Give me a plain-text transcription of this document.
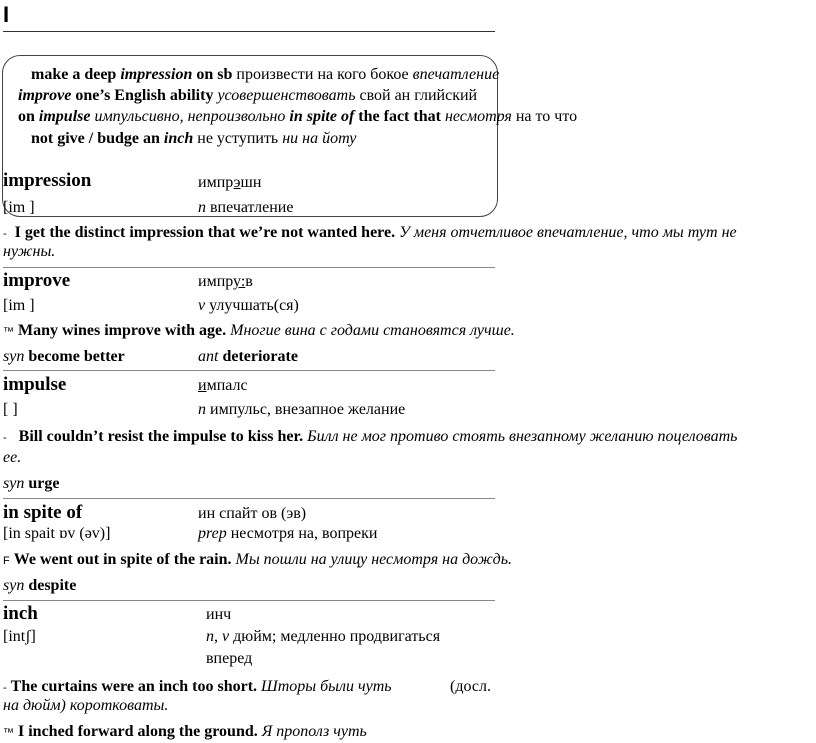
I
make a deep impression on sb произвести на кого бокое впечатление
improve one’s English ability усовершенствовать свой ан глийский
on impulse импульсивно, непроизвольно in spite of the fact that несмотря на то что
not give / budge an inch не уступить ни на йоту
impression	импрэшн
[im ]	n впечатление
- I get the distinct impression that we’re not wanted here. У меня отчетливое впечатление, что мы тут не
нужны.
improve	импру:в
[im ]	v улучшать(ся)
™ Many wines improve with age. Многие вина с годами становятся лучше.
syn become better	ant deteriorate
impulse	импалс
[ ]	n импульс, внезапное желание
- Bill couldn’t resist the impulse to kiss her. Билл не мог противо стоять внезапному желанию поцеловать
ее.
syn urge
in spite of	ин спайт ов (эв)
[in spait ɒv (əv)]	prep несмотря на, вопреки
F We went out in spite of the rain. Мы пошли на улицу несмотря на дождь.
syn despite
inch	инч
[intʃ]	n, v дюйм; медленно продвигаться
вперед
- The curtains were an inch too short. Шторы были чуть	(досл.
на дюйм) коротковаты.
™ I inched forward along the ground. Я прополз чуть
